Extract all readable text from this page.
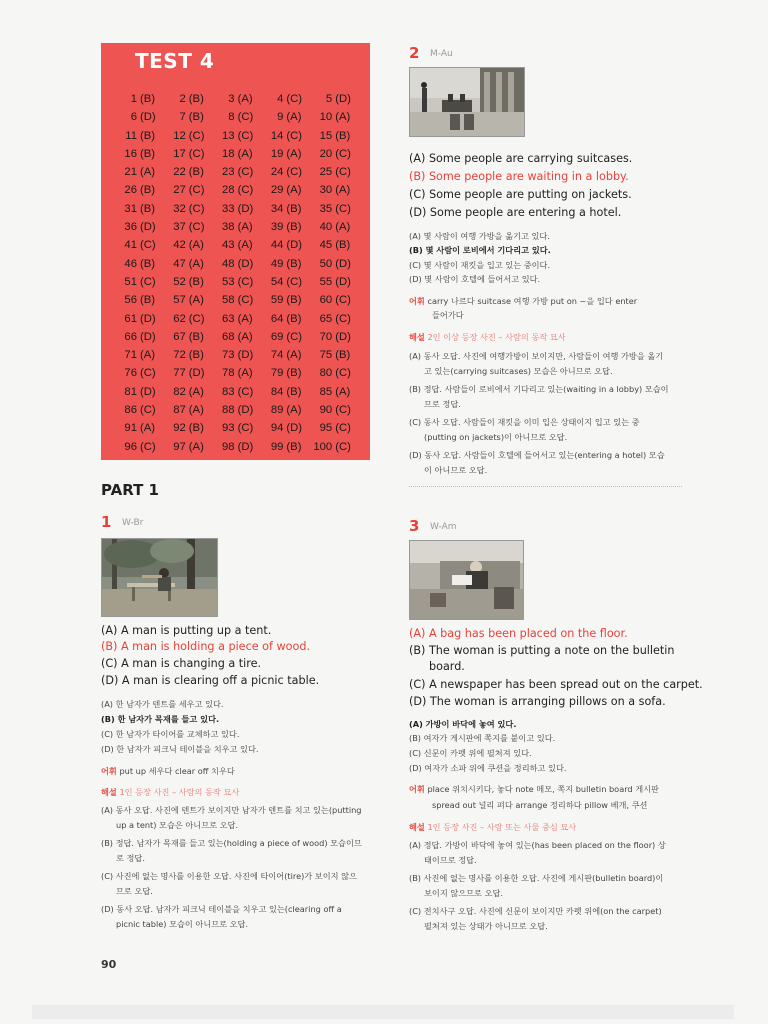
TEST 4
1 (B)	2 (B)	3 (A)	4 (C)	5 (D)
6 (D)	7 (B)	8 (C)	9 (A)	10 (A)
11 (B)	12 (C)	13 (C)	14 (C)	15 (B)
16 (B)	17 (C)	18 (A)	19 (A)	20 (C)
21 (A)	22 (B)	23 (C)	24 (C)	25 (C)
26 (B)	27 (C)	28 (C)	29 (A)	30 (A)
31 (B)	32 (C)	33 (D)	34 (B)	35 (C)
36 (D)	37 (C)	38 (A)	39 (B)	40 (A)
41 (C)	42 (A)	43 (A)	44 (D)	45 (B)
46 (B)	47 (A)	48 (D)	49 (B)	50 (D)
51 (C)	52 (B)	53 (C)	54 (C)	55 (D)
56 (B)	57 (A)	58 (C)	59 (B)	60 (C)
61 (D)	62 (C)	63 (A)	64 (B)	65 (C)
66 (D)	67 (B)	68 (A)	69 (C)	70 (D)
71 (A)	72 (B)	73 (D)	74 (A)	75 (B)
76 (C)	77 (D)	78 (A)	79 (B)	80 (C)
81 (D)	82 (A)	83 (C)	84 (B)	85 (A)
86 (C)	87 (A)	88 (D)	89 (A)	90 (C)
91 (A)	92 (B)	93 (C)	94 (D)	95 (C)
96 (C)	97 (A)	98 (D)	99 (B)	100 (C)
PART 1
1 W-Br
(A) A man is putting up a tent.
(B) A man is holding a piece of wood.
(C) A man is changing a tire.
(D) A man is clearing off a picnic table.
(A) 한 남자가 텐트를 세우고 있다.
(B) 한 남자가 목재를 들고 있다.
(C) 한 남자가 타이어를 교체하고 있다.
(D) 한 남자가 피크닉 테이블을 치우고 있다.
어휘 put up 세우다 clear off 치우다
해설 1인 등장 사진 – 사람의 동작 묘사
(A) 동사 오답. 사진에 텐트가 보이지만 남자가 텐트를 치고 있는(putting
up a tent) 모습은 아니므로 오답.
(B) 정답. 남자가 목재를 들고 있는(holding a piece of wood) 모습이므
로 정답.
(C) 사진에 없는 명사를 이용한 오답. 사진에 타이어(tire)가 보이지 않으
므로 오답.
(D) 동사 오답. 남자가 피크닉 테이블을 치우고 있는(clearing off a
picnic table) 모습이 아니므로 오답.
90
2 M-Au
(A) Some people are carrying suitcases.
(B) Some people are waiting in a lobby.
(C) Some people are putting on jackets.
(D) Some people are entering a hotel.
(A) 몇 사람이 여행 가방을 옮기고 있다.
(B) 몇 사람이 로비에서 기다리고 있다.
(C) 몇 사람이 재킷을 입고 있는 중이다.
(D) 몇 사람이 호텔에 들어서고 있다.
어휘 carry 나르다 suitcase 여행 가방 put on ~을 입다 enter
들어가다
해설 2인 이상 등장 사진 – 사람의 동작 묘사
(A) 동사 오답. 사진에 여행가방이 보이지만, 사람들이 여행 가방을 옮기
고 있는(carrying suitcases) 모습은 아니므로 오답.
(B) 정답. 사람들이 로비에서 기다리고 있는(waiting in a lobby) 모습이
므로 정답.
(C) 동사 오답. 사람들이 재킷을 이미 입은 상태이지 입고 있는 중
(putting on jackets)이 아니므로 오답.
(D) 동사 오답. 사람들이 호텔에 들어서고 있는(entering a hotel) 모습
이 아니므로 오답.
3 W-Am
(A) A bag has been placed on the floor.
(B) The woman is putting a note on the bulletin
board.
(C) A newspaper has been spread out on the carpet.
(D) The woman is arranging pillows on a sofa.
(A) 가방이 바닥에 놓여 있다.
(B) 여자가 게시판에 쪽지를 붙이고 있다.
(C) 신문이 카펫 위에 펼쳐져 있다.
(D) 여자가 소파 위에 쿠션을 정리하고 있다.
어휘 place 위치시키다, 놓다 note 메모, 쪽지 bulletin board 게시판
spread out 널리 펴다 arrange 정리하다 pillow 베개, 쿠션
해설 1인 등장 사진 – 사람 또는 사물 중심 묘사
(A) 정답. 가방이 바닥에 놓여 있는(has been placed on the floor) 상
태이므로 정답.
(B) 사진에 없는 명사를 이용한 오답. 사진에 게시판(bulletin board)이
보이지 않으므로 오답.
(C) 전치사구 오답. 사진에 신문이 보이지만 카펫 위에(on the carpet)
펼쳐져 있는 상태가 아니므로 오답.
